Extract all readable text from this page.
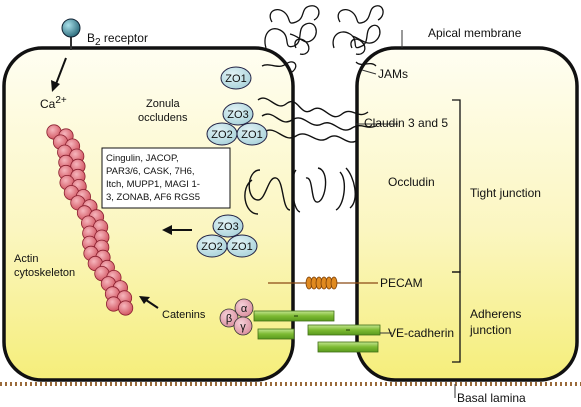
Basal lamina
Apical membrane
$B_2$ receptor
$Ca^{2+}$
JAMs
Claudin 3 and 5
Occludin
Tight junction
Adherens junction
ZO1
Zonula occludens	ZO3
ZO2 ZO1
ZO3
ZO2 ZO1
Cingulin, JACOP,
PAR3/6, CASK, 7H6,
Itch, MUPP1, MAGI 1-
3, ZONAB, AF6 RGS5
Actin cytoskeleton
Catenins	α
β
γ	VE-cadherin
PECAM
